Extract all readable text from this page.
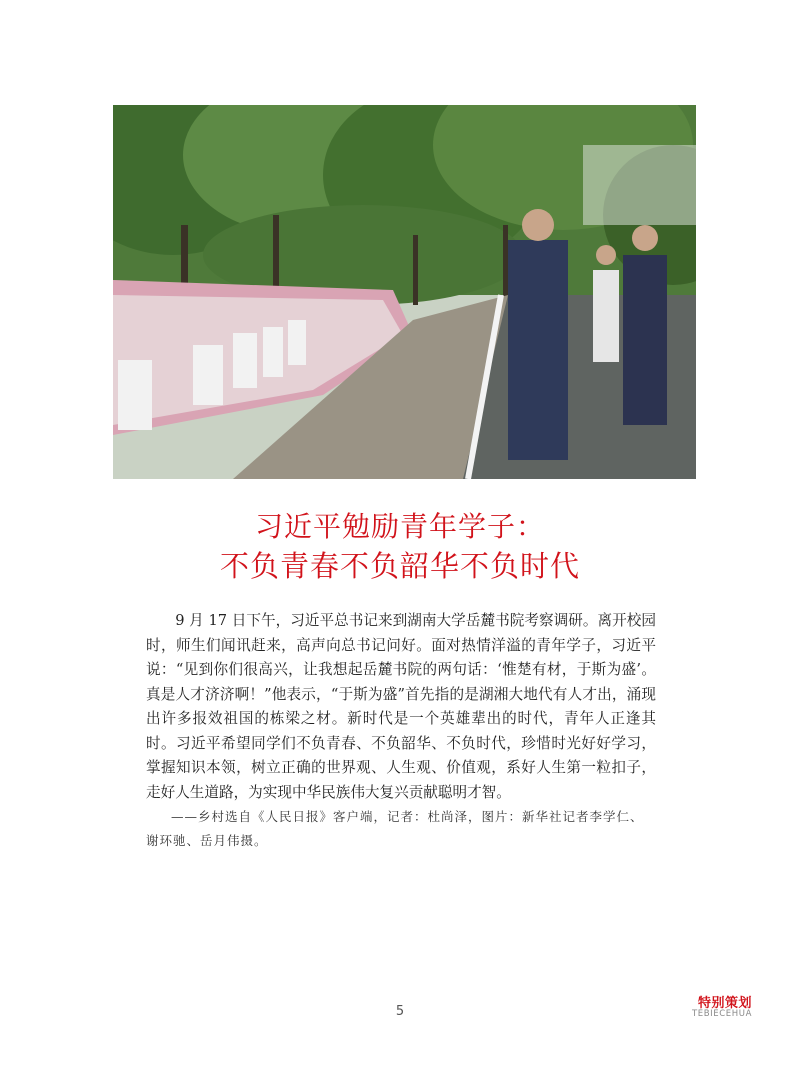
习近平勉励青年学子：
不负青春不负韶华不负时代

9 月 17 日下午，习近平总书记来到湖南大学岳麓书院考察调研。离开校园时，师生们闻讯赶来，高声向总书记问好。面对热情洋溢的青年学子，习近平说：“见到你们很高兴，让我想起岳麓书院的两句话：‘惟楚有材，于斯为盛’。真是人才济济啊！”他表示，“于斯为盛”首先指的是湖湘大地代有人才出，涌现出许多报效祖国的栋梁之材。新时代是一个英雄辈出的时代，青年人正逢其时。习近平希望同学们不负青春、不负韶华、不负时代，珍惜时光好好学习，掌握知识本领，树立正确的世界观、人生观、价值观，系好人生第一粒扣子，走好人生道路，为实现中华民族伟大复兴贡献聪明才智。

——乡村选自《人民日报》客户端，记者：杜尚泽，图片：新华社记者李学仁、谢环驰、岳月伟摄。

5
特别策划
TEBIECEHUA
